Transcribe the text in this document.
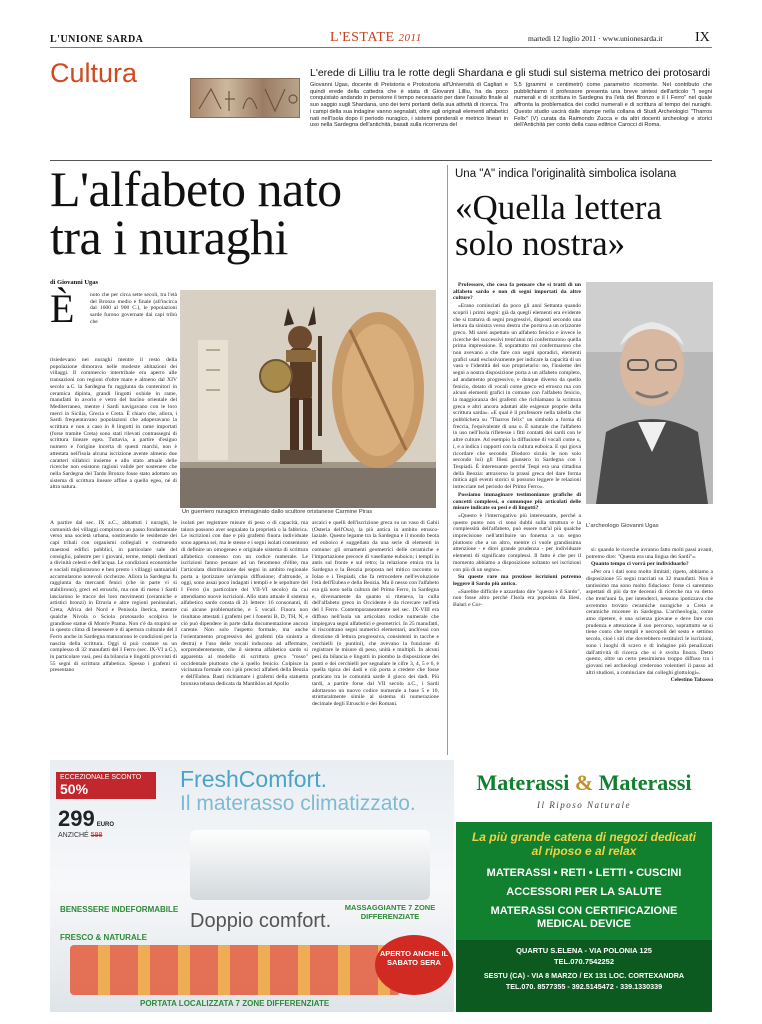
L'UNIONE SARDA	L'ESTATE 2011	martedì 12 luglio 2011 · www.unionesarda.it IX
Cultura	L'erede di Lilliu tra le rotte degli Shardana e gli studi sul sistema metrico dei protosardi
Giovanni Ugas, docente di Preistoria e Protostoria all'Università di Cagliari e quindi erede della cattedra che è stata di Giovanni Lilliu, ha da poco conquistato andando in pensione il tempo necessario per dare l'assalto finale al suo saggio sugli Shardana, uno dei temi portanti della sua attività di ricerca. Tra i campi della sua indagine vanno segnalati, oltre agli originali elementi alfabetici nati nell'Isola dopo il periodo nuragico, i sistemi ponderali e metrico lineari in uso nella Sardegna dell'antichità, basati sulla ricorrenza del
5,5 (grammi e centimetri) come parametro ricorrente. Nel contributo che pubblichiamo il professore presenta una breve sintesi dell'articolo "I segni numerali e di scrittura in Sardegna tra l'età del Bronzo e il I Ferro" nel quale affronta la problematica dei codici numerali e di scrittura al tempo dei nuraghi. Questo studio uscirà dalle stampe nella collana di Studi Archeologici "Tharros Felix" (V) curata da Raimondo Zucca e da altri docenti archeologi e storici dell'Antichità per conto della casa editrice Carocci di Roma.
L'alfabeto nato
tra i nuraghi
Una "A" indica l'originalità simbolica isolana
«Quella lettera
solo nostra»
di Giovanni Ugas
È	noto che per circa sette secoli, tra l'età del Bronzo medio e finale (all'incirca dal 1600 al 900 C.), le popolazioni sarde furono governate dai capi tribù che
risiedevano nei nuraghi mentre il resto della popolazione dimorava nelle modeste abitazioni dei villaggi. Il commercio intertribale era aperto alle transazioni con regioni d'oltre mare e almeno dal XIV secolo a.C. la Sardegna fu raggiunta da contenitori in ceramica dipinta, grandi lingotti oxhide in rame, manufatti in avorio e vetro del bacino orientale del Mediterraneo, mentre i Sardi navigavano con le loro merci in Sicilia, Grecia e Creta. È chiaro che, allora, i Sardi frequentavano popolazioni che adoperavano la scrittura e non a caso in 8 lingotti in rame importati (forse tramite Creta) sono stati rilevati contrassegni di scrittura lineare egea. Tuttavia, a partire d'esiguo numero e l'origine incerta di questi marchi, non è attestata nell'isola alcuna iscrizione avente almeno due caratteri sillabici insieme e allo stato attuale delle ricerche non esistono ragioni valide per sostenere che nella Sardegna del Tardo Bronzo fosse stato adottato un sistema di scrittura lineare affine a quello egeo, né di altra natura.
Un guerriero nuragico immaginato dallo scultore oristanese Carmine Piras
A partire dal sec. IX a.C., abbattuti i nuraghi, le comunità dei villaggi compirono un passo fondamentale verso una società urbana, sostituendo le residenze dei capi tribali con organismi collegiali e costruendo maestosi edifici pubblici, in particolare sale del consiglio, palestre per i giovani, terme, templi destinati a divinità celesti e dell'acqua. Le condizioni economiche e sociali migliorarono e ben presto i villaggi santuariali accumularono notevoli ricchezze. Allora la Sardegna fu raggiunta da mercanti fenici (che in parte vi si stabilirono), greci ed etruschi, ma non di meno i Sardi lasciarono le tracce dei loro movimenti (ceramiche e artistici bronzi) in Etruria e altre regioni peninsulari, Creta, Africa del Nord e Penisola iberica, mentre qualche Nivola o Sciola protosardo scolpiva le grandiose statue di Mont'e Prama. Non c'è da stupirsi se in questo clima di benessere e di apertura culturale del I Ferro anche in Sardegna maturarono le condizioni per la nascita della scrittura. Oggi si può contare su un complesso di 32 manufatti del I Ferro (sec. IX-VI a.C.), in particolare vasi, pesi da bilancia e lingotti provvisti di 55 segni di scrittura alfabetica. Spesso i grafemi si presentano
isolati per registrare misure di peso o di capacità, ma talora possono aver segnalato la proprietà o la fabbrica. Le iscrizioni con due e più grafemi finora individuate sono appena sei, ma le stesse e i segni isolati consentono di definire un omogeneo e originale sistema di scrittura alfabetica connesso con un codice numerale. Le iscrizioni fanno pensare ad un fenomeno d'élite, ma l'articolata distribuzione dei segni in ambito regionale porta a ipotizzare un'ampia diffusione; d'altronde, a oggi, sono assai poco indagati i templi e le sepolture del I Ferro (in particolare del VII-VI secolo) da cui attendiamo nuove iscrizioni. Allo stato attuale il sistema alfabetico sardo consta di 21 lettere: 16 consonanti, di cui alcune problematiche, e 5 vocali. Finora non risultano attestati i grafemi per i fonemi B, D, TH, N, e ciò può dipendere in parte dalla documentazione ancora carente. Non solo l'aspetto formale, ma anche l'orientamento progressivo dei grafemi (da sinistra a destra) e l'uso delle vocali inducono ad affermare, sorprendentemente, che il sistema alfabetico sardo si apparenta al modello di scrittura greco "rosso" occidentale piuttosto che a quello fenicio. Colpisce la vicinanza formale con i più precoci alfabeti della Beozia e dell'Eubea. Basti richiamare i grafemi della statuetta bronzea tebana dedicata da Mantiklos ad Apollo
arcaici e quelli dell'iscrizione greca su un vaso di Gabii (Osteria dell'Osa), la più antica in ambito etrusco-laziale. Questo legame tra la Sardegna e il mondo beota ed euboico è suggellato da una serie di elementi in comune: gli ornamenti geometrici delle ceramiche e l'importazione precoce di vasellame euboico; i templi in antis sul fronte e sul retro; la relazione etnica tra la Sardegna e la Beozia proposta nel mitico racconto su Iolao e i Tespiadi, che fa retrocedere nell'evoluzione l'età dell'Eubea e della Beozia. Ma il nesso con l'alfabeto era già noto nella cultura del Primo Ferro, in Sardegna e, diversamente da quanto si riteneva, la culla dell'alfabeto greco in Occidente è da ricercare nell'età del I Ferro. Contemporaneamente nel sec. IX-VIII era diffuso nell'isola un articolato codice numerale che impiegava segni alfabetici e geometrici. In 25 manufatti, si riscontrano segni numerici elementari, anch'essi con direzione di lettura progressiva, consistenti in tacche e cerchielli (o puntini), che avevano la funzione di registrare le misure di peso, unità e multipli. In alcuni pesi da bilancia e lingotti in piombo la disposizione dei punti e dei cerchielli per segnalare le cifre 3, 4, 5 e 6, è quella tipica dei dadi e ciò porta a credere che fosse praticato tra le comunità sarde il gioco dei dadi. Più tardi, a partire forse dal VII secolo a.C., i Sardi adottarono un nuovo codice numerale a base 5 e 10, strutturalmente simile al sistema di numerazione decimale degli Etruschi e dei Romani.

Professore, che cosa fa pensare che si tratti di un alfabeto sardo e non di segni importati da altre culture?

«Erano cominciati da poco gli anni Settanta quando scoprii i primi segni: già da quegli elementi era evidente che si trattava di segni progressivi, disposti secondo una lettura da sinistra verso destra che portava a un orizzonte greco. Mi sarei aspettato un alfabeto fenicio e invece le ricerche dei successivi trent'anni mi confermarono quella prima impressione. È soprattutto mi confermarono che non avevano a che fare con segni sporadici, elementi grafici usati esclusivamente per indicare la capacità di un vaso o l'identità del suo proprietario: no, l'insieme dei segni a nostra disposizione porta a un alfabeto completo, ad andamento progressivo, e dunque diverso da quello fenicio, dotato di vocali come greco ed etrusco ma con alcuni elementi grafici in comune con l'alfabeto fenicio, la maggioranza dei grafemi che richiamano la scrittura greca e altri ancora adattati alle esigenze proprie della scrittura sarda». «E qual è il professore nella tabella che pubblichera su "Tharros felix" un simbolo a forma di freccia, l'equivalente di una o. È naturale che l'alfabeto in uso nell'Isola rifletesse i fitti contatti dei sardi con le altre culture. Ad esempio la diffusione di vocali come u, i, e a indica i rapporti con la cultura euboica. E qui giova ricordare che secondo Diodoro siculo le non solo secondo lui) gli Iliesi giunsero in Sardegna con i Tespiadi. È interessante perché Tespi era una cittadina della Beozia: attraverso la prassi greca del dare forma mitica agli eventi storici si possono leggere le relazioni intrecciate nel periodo del Primo Ferro».

Possiamo immaginare testimonianze grafiche di concetti complessi, o comunque più articolati delle misure indicate su pesi e di lingotti?

«Questo è l'interrogativo più interessante, perché a questo punto non ci sono dubbi sulla struttura e la complessità dell'alfabeto, può essere tutt'al più qualche imprecisione nell'attribuire un fonema a un segno piuttosto che a un altro, mentre ci vuole grandissima attenzione - e direi grande prudenza - per individuare elementi di significato complessi. Il fatto è che per il momento abbiamo a disposizione soltanto sei iscrizioni con più di un segno».

Su queste rare ma preziose iscrizioni potremo leggere il Sardo più antico.

«Sarebbe difficile e azzardato dire "questo è il Sardo", non fosse altro perché l'Isola era popolata da Iliesi, Balari e Cor-

L'archeologo Giovanni Ugas

si: quando le ricerche avranno fatto molti passi avanti, potremo dire: "Questa era una lingua dei Sardi"».

Quanto tempo ci vorrà per individuarlo?

«Per ora i dati sono molto limitati; ripeto, abbiamo a disposizione 55 segni tracciati su 32 manufatti. Non è tantissimo ma sono molto fiducioso: forse ci saremmo aspettati di più da tre decenni di ricerche ma va detto che trent'anni fa, per intenderci, nessuno ipotizzava che avremmo trovato ceramiche nuragiche a Creta e ceramiche micenee in Sardegna. L'archeologia, come amo ripetere, è una scienza giovane e deve fare con prudenza e attenzione il suo percorso, soprattutto se si tiene conto che templi e necropoli del sesto e settimo secolo, cioè i siti che dovrebbero restituirci le iscrizioni, sono i luoghi di scavo e di indagine più penalizzati dall'attività di ricerca che si è svolta finora. Detto questo, oltre un certo pessimismo troppo diffuso tra i giovani nei archeologi crederono volentieri il passo ad altri studiosi, a cominciare dai colleghi glottologi».

Celestino Tabasso

FreshComfort.
Il materasso climatizzato.
ECCEZIONALE SCONTO 50%
299 EURO
ANZICHÉ 598
BENESSERE INDEFORMABILE
FRESCO & NATURALE
MASSAGGIANTE 7 ZONE DIFFERENZIATE
Doppio comfort.
APERTO ANCHE IL SABATO SERA
PORTATA LOCALIZZATA 7 ZONE DIFFERENZIATE
Materassi & Materassi
Il Riposo Naturale
La più grande catena di negozi dedicati al riposo e al relax
MATERASSI • RETI • LETTI • CUSCINI
ACCESSORI PER LA SALUTE
MATERASSI CON CERTIFICAZIONE MEDICAL DEVICE
QUARTU S.ELENA - VIA POLONIA 125
TEL.070.7542252
SESTU (CA) - VIA 8 MARZO / EX 131 LOC. CORTEXANDRA
TEL.070. 8577355 - 392.5145472 - 339.1330339
